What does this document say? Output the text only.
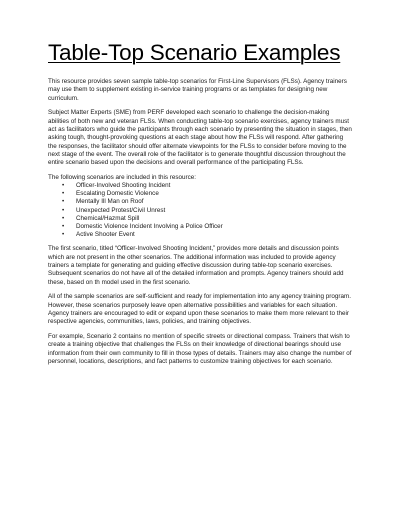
Table-Top Scenario Examples

This resource provides seven sample table-top scenarios for First-Line Supervisors (FLSs). Agency trainers may use them to supplement existing in-service training programs or as templates for designing new curriculum.

Subject Matter Experts (SME) from PERF developed each scenario to challenge the decision-making abilities of both new and veteran FLSs. When conducting table-top scenario exercises, agency trainers must act as facilitators who guide the participants through each scenario by presenting the situation in stages, then asking tough, thought-provoking questions at each stage about how the FLSs will respond. After gathering the responses, the facilitator should offer alternate viewpoints for the FLSs to consider before moving to the next stage of the event. The overall role of the facilitator is to generate thoughtful discussion throughout the entire scenario based upon the decisions and overall performance of the participating FLSs.

The following scenarios are included in this resource:

• Officer-Involved Shooting Incident
• Escalating Domestic Violence
• Mentally Ill Man on Roof
• Unexpected Protest/Civil Unrest
• Chemical/Hazmat Spill
• Domestic Violence Incident Involving a Police Officer
• Active Shooter Event

The first scenario, titled “Officer-Involved Shooting Incident,” provides more details and discussion points which are not present in the other scenarios. The additional information was included to provide agency trainers a template for generating and guiding effective discussion during table-top scenario exercises. Subsequent scenarios do not have all of the detailed information and prompts. Agency trainers should add these, based on th model used in the first scenario.

All of the sample scenarios are self-sufficient and ready for implementation into any agency training program. However, these scenarios purposely leave open alternative possibilities and variables for each situation. Agency trainers are encouraged to edit or expand upon these scenarios to make them more relevant to their respective agencies, communities, laws, policies, and training objectives.

For example, Scenario 2 contains no mention of specific streets or directional compass. Trainers that wish to create a training objective that challenges the FLSs on their knowledge of directional bearings should use information from their own community to fill in those types of details. Trainers may also change the number of personnel, locations, descriptions, and fact patterns to customize training objectives for each scenario.
